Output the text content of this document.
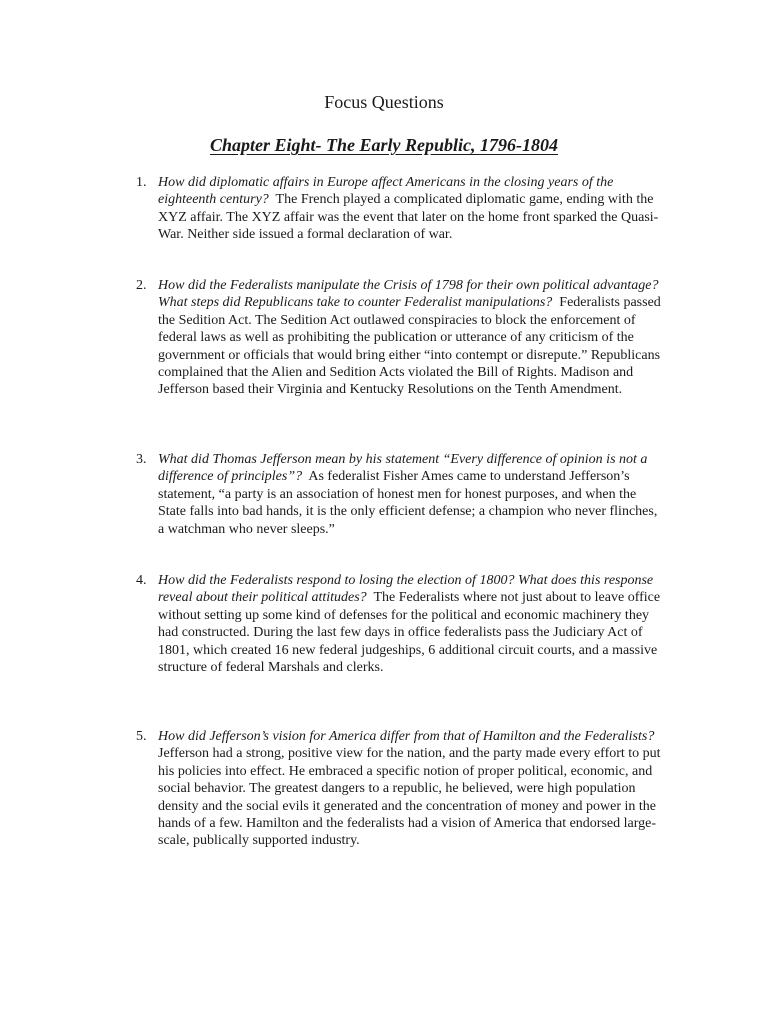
Focus Questions
Chapter Eight- The Early Republic, 1796-1804
1. How did diplomatic affairs in Europe affect Americans in the closing years of the eighteenth century? The French played a complicated diplomatic game, ending with the XYZ affair. The XYZ affair was the event that later on the home front sparked the Quasi-War. Neither side issued a formal declaration of war.
2. How did the Federalists manipulate the Crisis of 1798 for their own political advantage? What steps did Republicans take to counter Federalist manipulations? Federalists passed the Sedition Act. The Sedition Act outlawed conspiracies to block the enforcement of federal laws as well as prohibiting the publication or utterance of any criticism of the government or officials that would bring either “into contempt or disrepute.” Republicans complained that the Alien and Sedition Acts violated the Bill of Rights. Madison and Jefferson based their Virginia and Kentucky Resolutions on the Tenth Amendment.
3. What did Thomas Jefferson mean by his statement “Every difference of opinion is not a difference of principles”? As federalist Fisher Ames came to understand Jefferson’s statement, “a party is an association of honest men for honest purposes, and when the State falls into bad hands, it is the only efficient defense; a champion who never flinches, a watchman who never sleeps.”
4. How did the Federalists respond to losing the election of 1800? What does this response reveal about their political attitudes? The Federalists where not just about to leave office without setting up some kind of defenses for the political and economic machinery they had constructed. During the last few days in office federalists pass the Judiciary Act of 1801, which created 16 new federal judgeships, 6 additional circuit courts, and a massive structure of federal Marshals and clerks.
5. How did Jefferson’s vision for America differ from that of Hamilton and the Federalists?  Jefferson had a strong, positive view for the nation, and the party made every effort to put his policies into effect. He embraced a specific notion of proper political, economic, and social behavior. The greatest dangers to a republic, he believed, were high population density and the social evils it generated and the concentration of money and power in the hands of a few. Hamilton and the federalists had a vision of America that endorsed large-scale, publically supported industry.
